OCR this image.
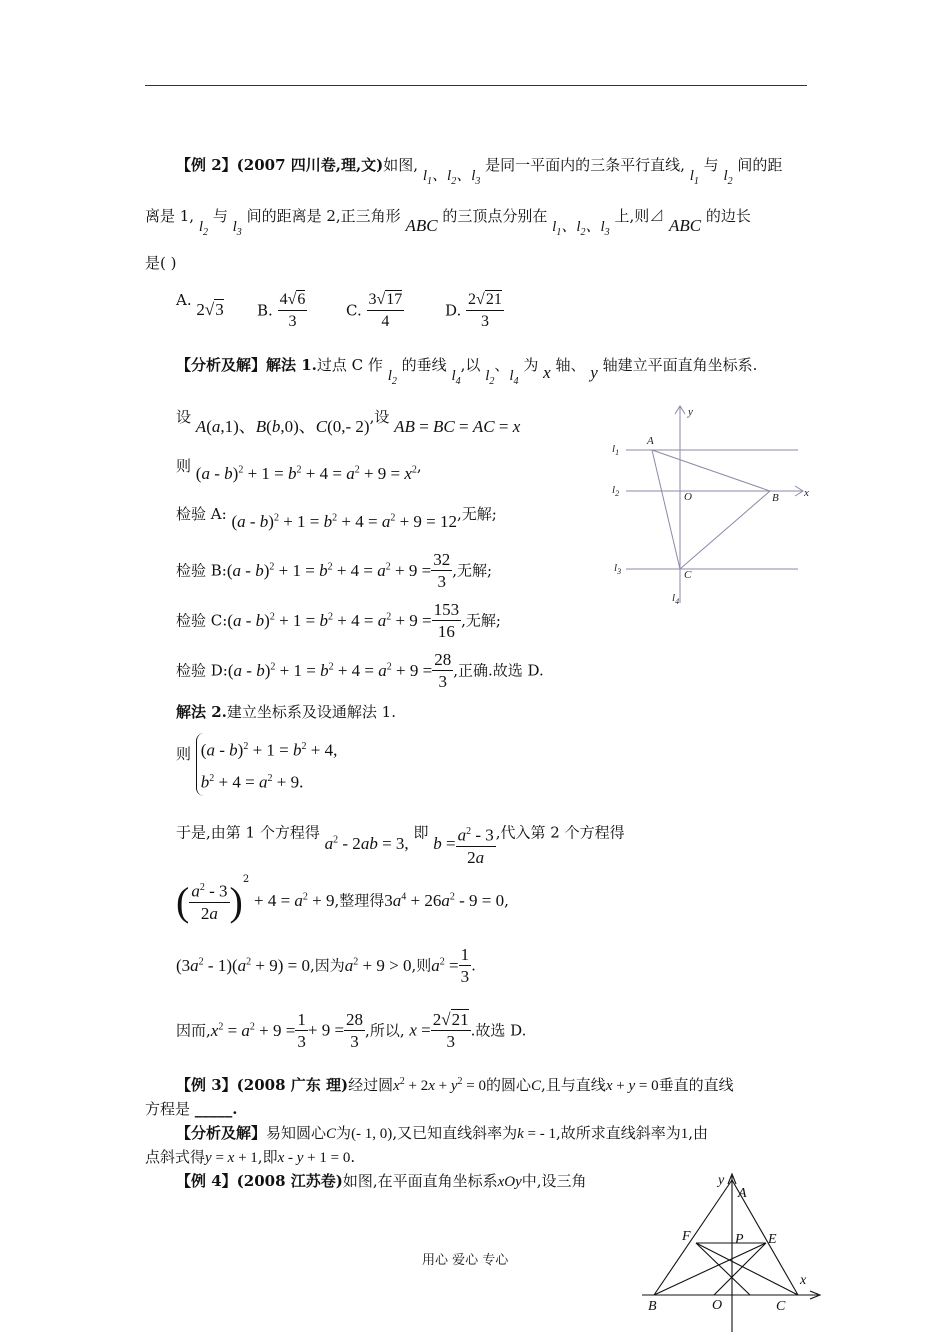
【例 2】(2007 四川卷,理,文)如图, $l_1$、$l_2$、$l_3$ 是同一平面内的三条平行直线, $l_1$ 与 $l_2$ 间的距
离是 1, $l_2$ 与 $l_3$ 间的距离是 2,正三角形 ABC 的三顶点分别在 $l_1$、$l_2$、$l_3$ 上,则⊿ ABC 的边长
是( )
A. 2√3 B. $\frac{4√6}{3}$	C. $\frac{3√17}{4}$	D. $\frac{2√21}{3}$
【分析及解】解法 1.过点 C 作 $l_2$ 的垂线 $l_4$,以 $l_2$、$l_4$ 为 x 轴、 y 轴建立平面直角坐标系.
设 A(a,1)、B(b,0)、C(0,- 2),设 AB = BC = AC = x
则 $(a - b)^2 + 1 = b^2 + 4 = a^2 + 9 = x^2$,
检验 A: $(a - b)^2 + 1 = b^2 + 4 = a^2 + 9 = 12$,无解;
检验 B:(a - $b)^2 + 1 = b^2 + 4 = a^2 + 9 = \frac{32}{3}$ ,无解;
检验 C:(a - $b)^2 + 1 = b^2 + 4 = a^2 + 9 = \frac{153}{16}$ ,无解;
检验 D:(a - $b)^2 + 1 = b^2 + 4 = a^2 + 9 = \frac{28}{3}$ ,正确.故选 D.
解法 2.建立坐标系及设通解法 1.
则 $(a - b)^2 + 1 = b^2 + 4$,
$b^2 + 4 = a^2 + 9$.
于是,由第 1 个方程得 $a^2 - 2ab = 3$, 即 $b = \frac{a^2 - 3}{2a}$ ,代入第 2 个方程得
( $\frac{a^2 - 3}{2a} )^2 + 4 = a^2 + 9$,整理得$3a^4 + 26a^2 - 9 = 0$,
$(3a^2 - 1)(a^2 + 9) = 0$,因为$a^2 + 9 > 0$,则$a^2 = \frac{1}{3}$ .
因而$,x^2 = a^2 + 9 = \frac{1}{3} + 9 = \frac{28}{3}$ ,所以, $x = \frac{2√21}{3}$ .故选 D.
【例 3】(2008 广东 理)经过圆$x^2 + 2x + y^2 = 0$的圆心C,且与直线x + y = 0垂直的直线
方程是 _____.
【分析及解】易知圆心C为(- 1, 0),又已知直线斜率为k = - 1,故所求直线斜率为1,由
点斜式得y = x + 1,即x - y + 1 = 0.
【例 4】(2008 江苏卷)如图,在平面直角坐标系xOy中,设三角
用心 爱心 专心
y
x
A
B
C
O
$l_1$
$l_2$
$l_3$
$l_4$
y
A
F	E
P
x
B	O	C
